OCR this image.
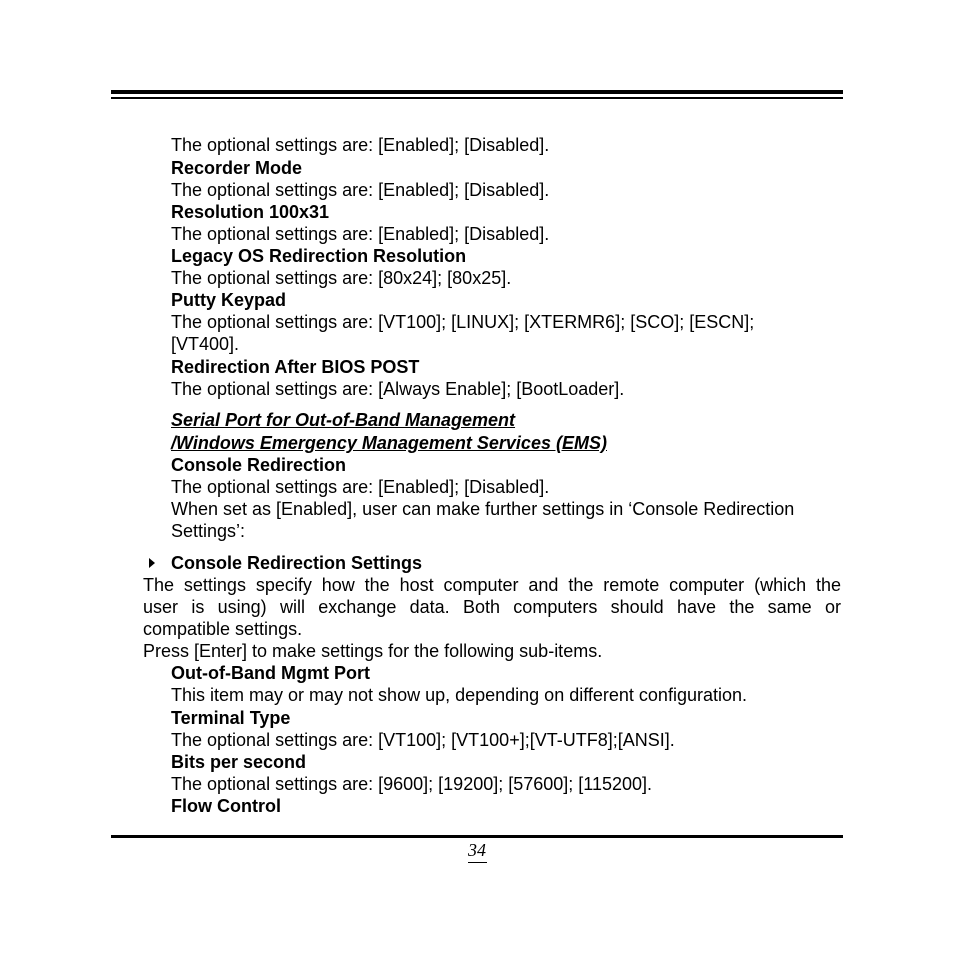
The optional settings are: [Enabled]; [Disabled].
Recorder Mode
The optional settings are: [Enabled]; [Disabled].
Resolution 100x31
The optional settings are: [Enabled]; [Disabled].
Legacy OS Redirection Resolution
The optional settings are: [80x24]; [80x25].
Putty Keypad
The optional settings are: [VT100]; [LINUX]; [XTERMR6]; [SCO]; [ESCN];
[VT400].
Redirection After BIOS POST
The optional settings are: [Always Enable]; [BootLoader].
Serial Port for Out-of-Band Management
/Windows Emergency Management Services (EMS)
Console Redirection
The optional settings are: [Enabled]; [Disabled].
When set as [Enabled], user can make further settings in ‘Console Redirection
Settings’:
Console Redirection Settings
The settings specify how the host computer and the remote computer (which the
user is using) will exchange data. Both computers should have the same or
compatible settings.
Press [Enter] to make settings for the following sub-items.
Out-of-Band Mgmt Port
This item may or may not show up, depending on different configuration.
Terminal Type
The optional settings are: [VT100]; [VT100+];[VT-UTF8];[ANSI].
Bits per second
The optional settings are: [9600]; [19200]; [57600]; [115200].
Flow Control
34
